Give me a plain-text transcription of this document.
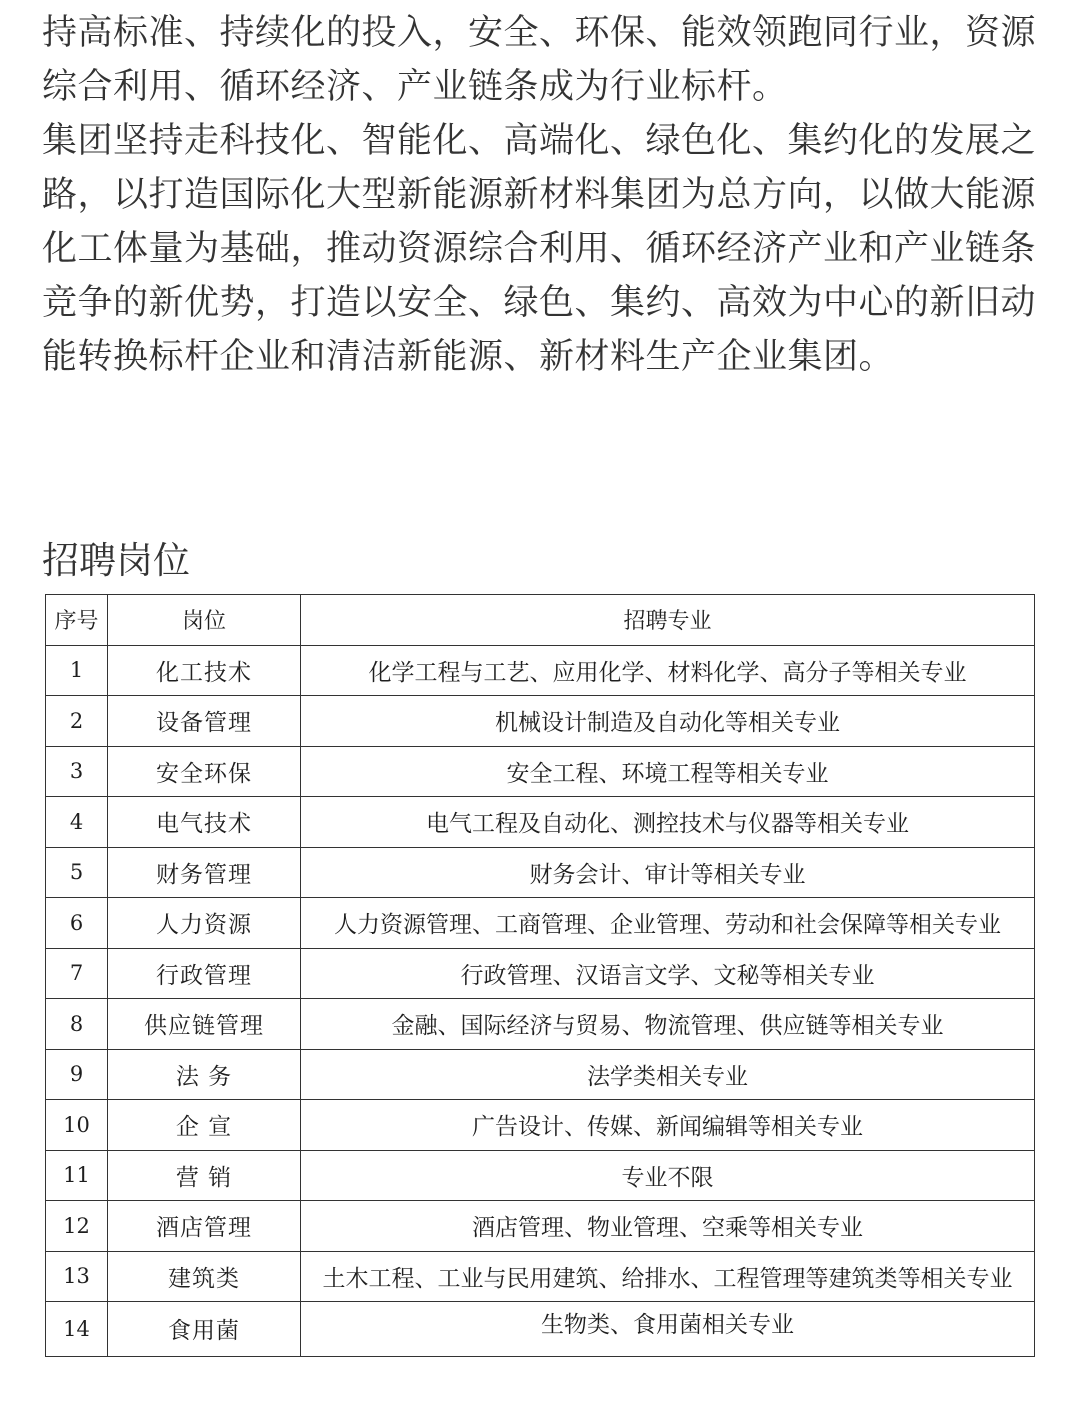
持高标准、持续化的投入，安全、环保、能效领跑同行业，资源综合利用、循环经济、产业链条成为行业标杆。

集团坚持走科技化、智能化、高端化、绿色化、集约化的发展之路，以打造国际化大型新能源新材料集团为总方向，以做大能源化工体量为基础，推动资源综合利用、循环经济产业和产业链条竞争的新优势，打造以安全、绿色、集约、高效为中心的新旧动能转换标杆企业和清洁新能源、新材料生产企业集团。

招聘岗位
序号	岗位	招聘专业
1	化工技术	化学工程与工艺、应用化学、材料化学、高分子等相关专业
2	设备管理	机械设计制造及自动化等相关专业
3	安全环保	安全工程、环境工程等相关专业
4	电气技术	电气工程及自动化、测控技术与仪器等相关专业
5	财务管理	财务会计、审计等相关专业
6	人力资源	人力资源管理、工商管理、企业管理、劳动和社会保障等相关专业
7	行政管理	行政管理、汉语言文学、文秘等相关专业
8	供应链管理	金融、国际经济与贸易、物流管理、供应链等相关专业
9	法 务	法学类相关专业
10	企 宣	广告设计、传媒、新闻编辑等相关专业
11	营 销	专业不限
12	酒店管理	酒店管理、物业管理、空乘等相关专业
13	建筑类	土木工程、工业与民用建筑、给排水、工程管理等建筑类等相关专业
14	食用菌	生物类、食用菌相关专业
